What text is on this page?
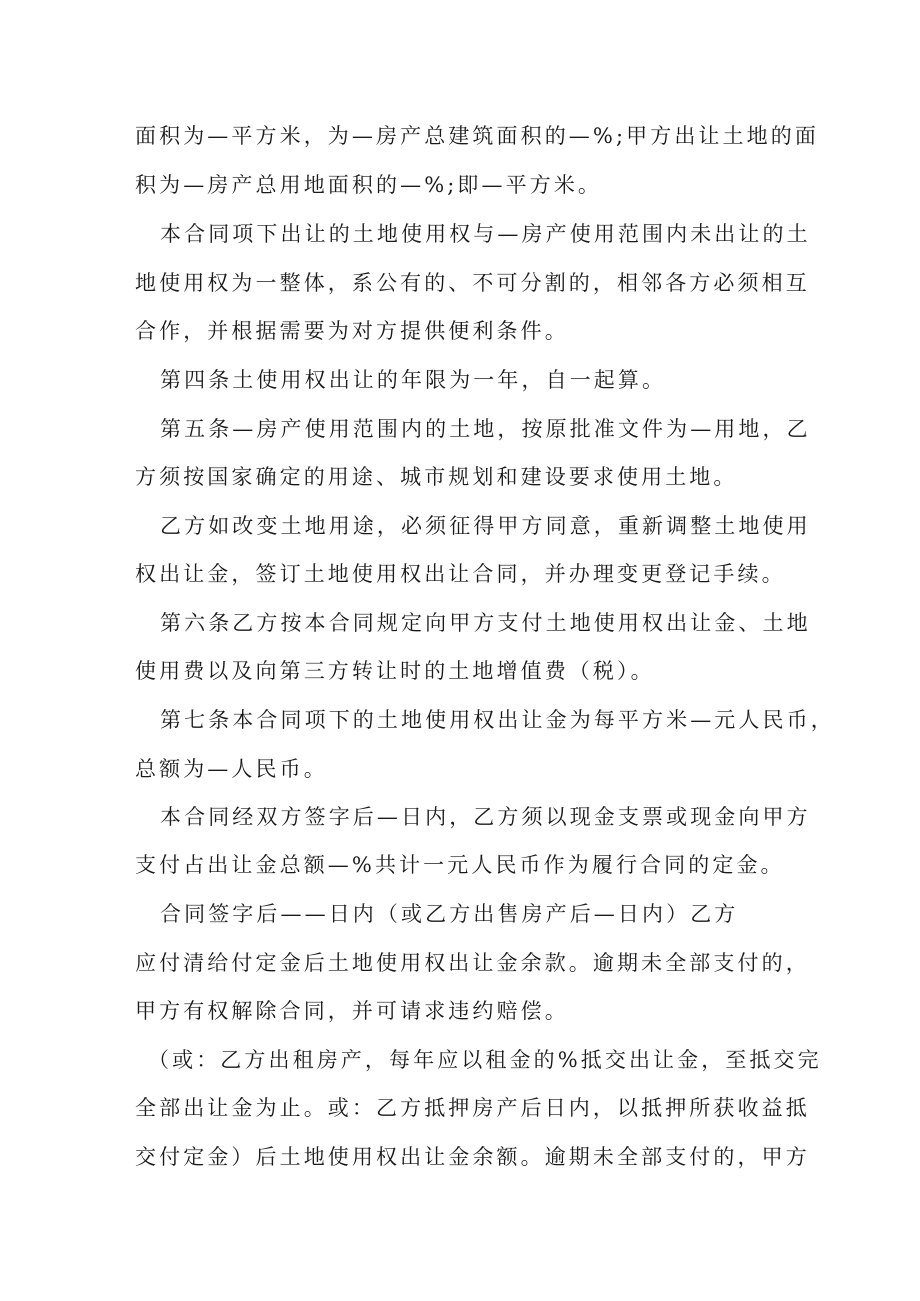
面积为—平方米，为—房产总建筑面积的—%;甲方出让土地的面
积为—房产总用地面积的—%;即—平方米。
本合同项下出让的土地使用权与—房产使用范围内未出让的土
地使用权为一整体，系公有的、不可分割的，相邻各方必须相互
合作，并根据需要为对方提供便利条件。
第四条土使用权出让的年限为一年，自一起算。
第五条—房产使用范围内的土地，按原批准文件为—用地，乙
方须按国家确定的用途、城市规划和建设要求使用土地。
乙方如改变土地用途，必须征得甲方同意，重新调整土地使用
权出让金，签订土地使用权出让合同，并办理变更登记手续。
第六条乙方按本合同规定向甲方支付土地使用权出让金、土地
使用费以及向第三方转让时的土地增值费（税）。
第七条本合同项下的土地使用权出让金为每平方米—元人民币，
总额为—人民币。
本合同经双方签字后—日内，乙方须以现金支票或现金向甲方
支付占出让金总额—%共计一元人民币作为履行合同的定金。
合同签字后——日内（或乙方出售房产后—日内）乙方
应付清给付定金后土地使用权出让金余款。逾期未全部支付的，
甲方有权解除合同，并可请求违约赔偿。
（或：乙方出租房产，每年应以租金的%抵交出让金，至抵交完
全部出让金为止。或：乙方抵押房产后日内，以抵押所获收益抵
交付定金）后土地使用权出让金余额。逾期未全部支付的，甲方
